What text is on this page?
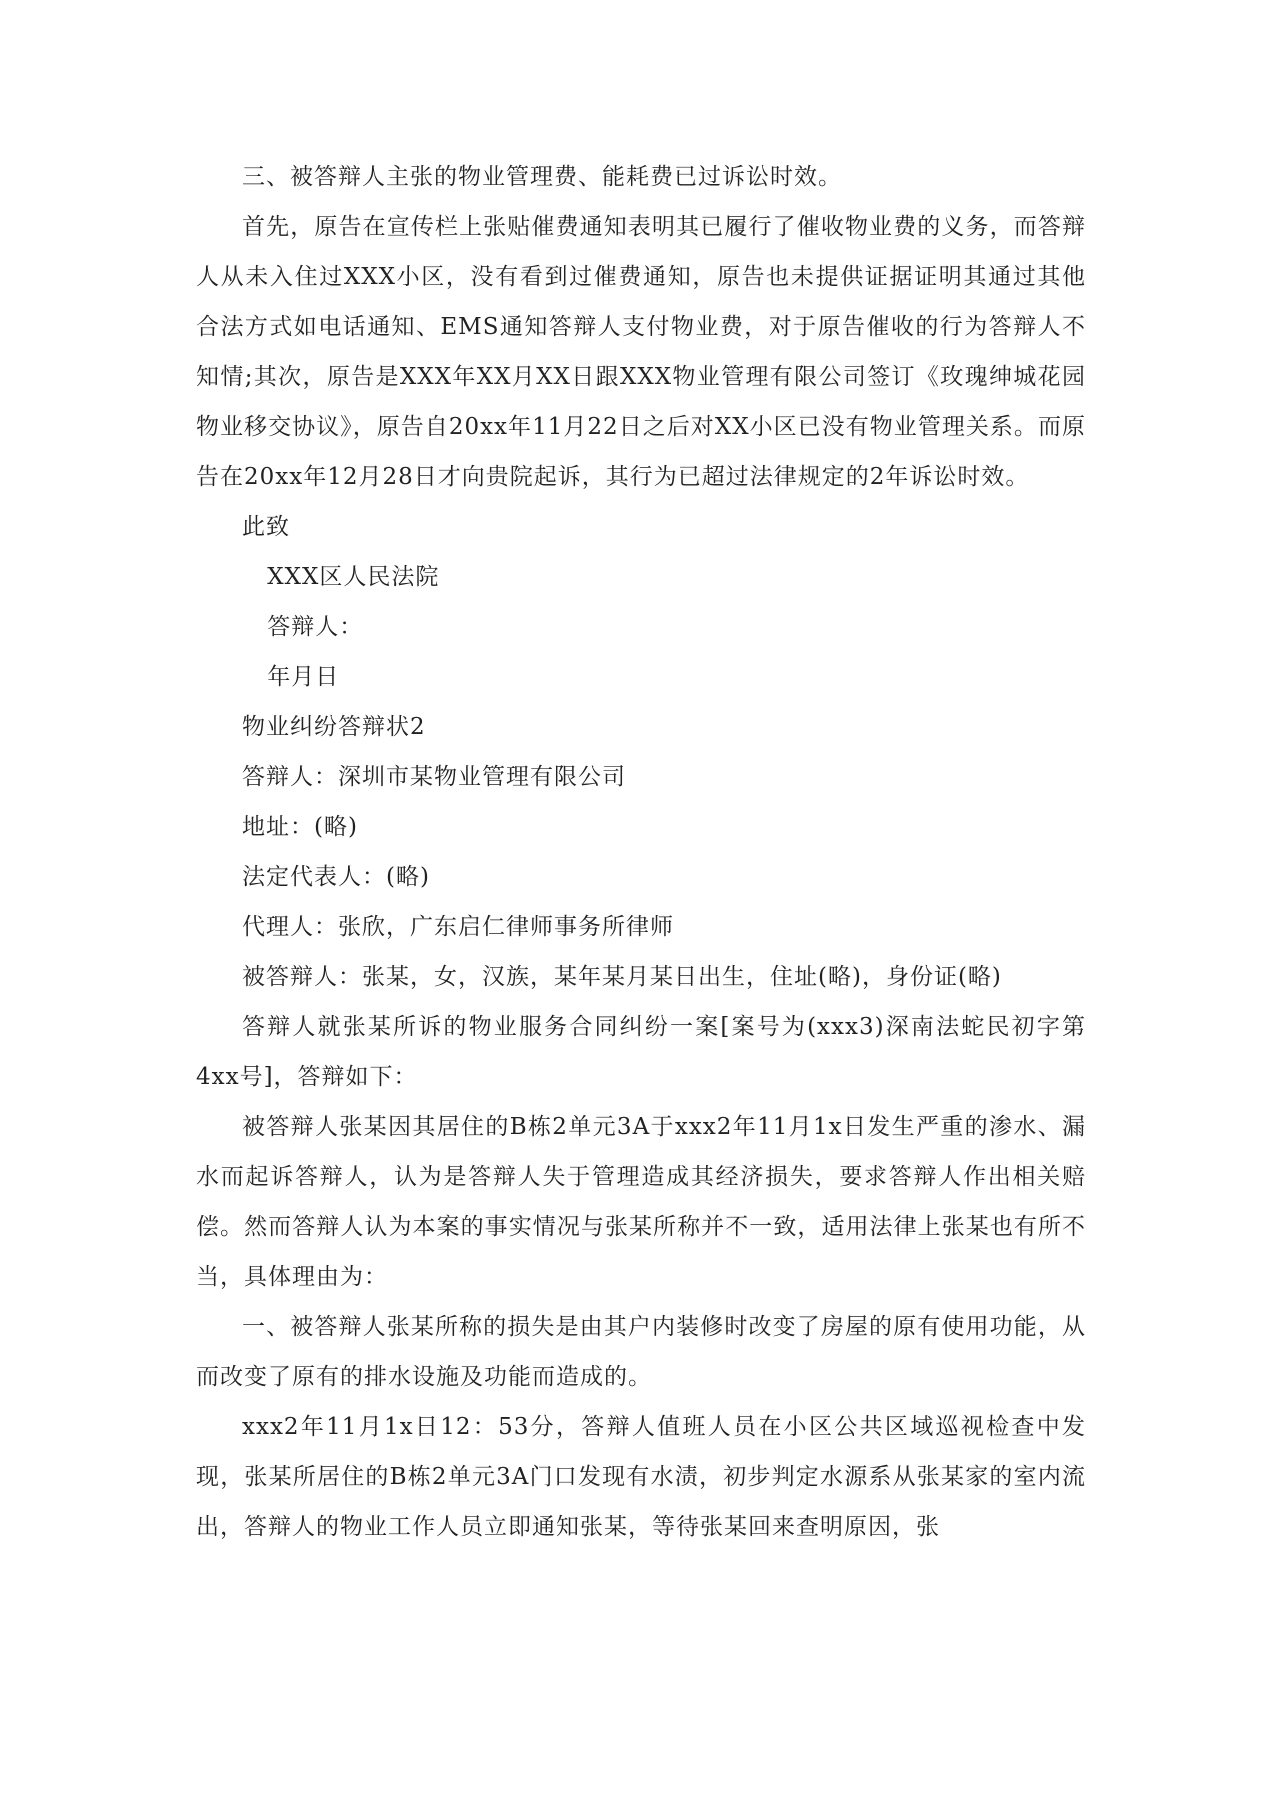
三、被答辩人主张的物业管理费、能耗费已过诉讼时效。

首先，原告在宣传栏上张贴催费通知表明其已履行了催收物业费的义务，而答辩人从未入住过XXX小区，没有看到过催费通知，原告也未提供证据证明其通过其他合法方式如电话通知、EMS通知答辩人支付物业费，对于原告催收的行为答辩人不知情;其次，原告是XXX年XX月XX日跟XXX物业管理有限公司签订《玫瑰绅城花园物业移交协议》，原告自20xx年11月22日之后对XX小区已没有物业管理关系。而原告在20xx年12月28日才向贵院起诉，其行为已超过法律规定的2年诉讼时效。

此致

XXX区人民法院

答辩人：

年月日

物业纠纷答辩状2

答辩人：深圳市某物业管理有限公司

地址：(略)

法定代表人：(略)

代理人：张欣，广东启仁律师事务所律师

被答辩人：张某，女，汉族，某年某月某日出生，住址(略)，身份证(略)

答辩人就张某所诉的物业服务合同纠纷一案[案号为(xxx3)深南法蛇民初字第4xx号]，答辩如下：

被答辩人张某因其居住的B栋2单元3A于xxx2年11月1x日发生严重的渗水、漏水而起诉答辩人，认为是答辩人失于管理造成其经济损失，要求答辩人作出相关赔偿。然而答辩人认为本案的事实情况与张某所称并不一致，适用法律上张某也有所不当，具体理由为：

一、被答辩人张某所称的损失是由其户内装修时改变了房屋的原有使用功能，从而改变了原有的排水设施及功能而造成的。

xxx2年11月1x日12：53分，答辩人值班人员在小区公共区域巡视检查中发现，张某所居住的B栋2单元3A门口发现有水渍，初步判定水源系从张某家的室内流出，答辩人的物业工作人员立即通知张某，等待张某回来查明原因，张
